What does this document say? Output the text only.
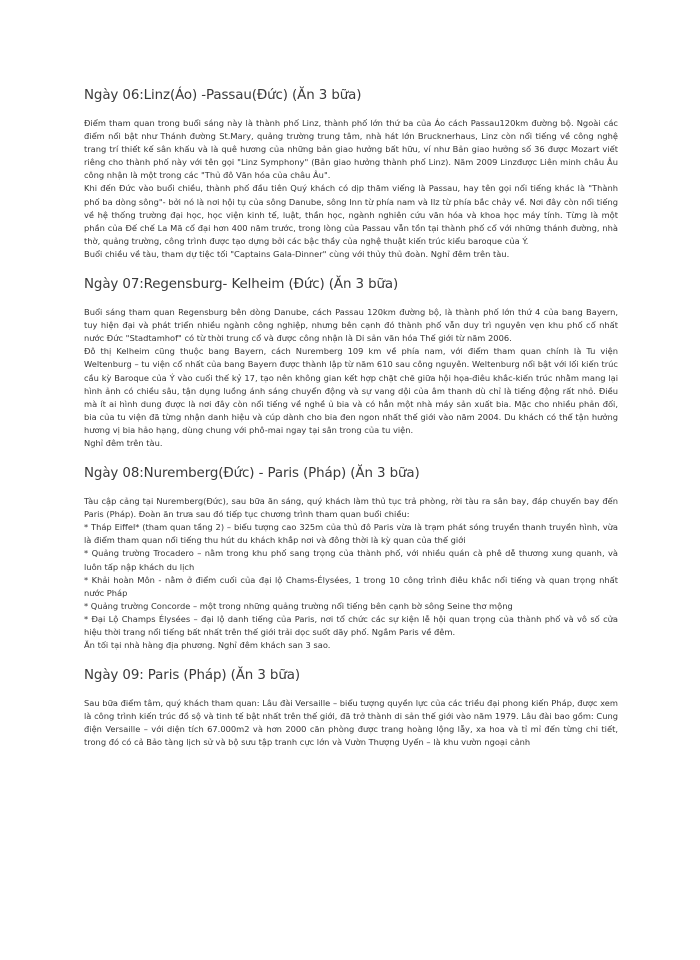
Ngày 06:Linz(Áo) -Passau(Đức) (Ăn 3 bữa)

Điểm tham quan trong buổi sáng này là thành phố Linz, thành phố lớn thứ ba của Áo cách Passau120km đường bộ. Ngoài các điểm nổi bật như Thánh đường St.Mary, quảng trường trung tâm, nhà hát lớn Brucknerhaus, Linz còn nổi tiếng về công nghệ trang trí thiết kế sân khấu và là quê hương của những bản giao hưởng bất hữu, ví như Bản giao hưởng số 36 được Mozart viết riêng cho thành phố này với tên gọi "Linz Symphony" (Bản giao hưởng thành phố Linz). Năm 2009 Linzđược Liên minh châu Âu công nhận là một trong các "Thủ đô Văn hóa của châu Âu".

Khi đến Đức vào buổi chiều, thành phố đầu tiên Quý khách có dịp thăm viếng là Passau, hay tên gọi nổi tiếng khác là "Thành phố ba dòng sông"- bởi nó là nơi hội tụ của sông Danube, sông Inn từ phía nam và Ilz từ phía bắc chảy về. Nơi đây còn nổi tiếng về hệ thống trường đại học, học viện kinh tế, luật, thần học, ngành nghiên cứu văn hóa và khoa học máy tính. Từng là một phần của Đế chế La Mã cổ đại hơn 400 năm trước, trong lòng của Passau vẫn tồn tại thành phố cổ với những thánh đường, nhà thờ, quảng trường, công trình được tạo dựng bởi các bậc thầy của nghệ thuật kiến trúc kiểu baroque của Ý.

Buổi chiều về tàu, tham dự tiệc tối "Captains Gala-Dinner" cùng với thủy thủ đoàn. Nghỉ đêm trên tàu.

Ngày 07:Regensburg- Kelheim (Đức) (Ăn 3 bữa)

Buổi sáng tham quan Regensburg bên dòng Danube, cách Passau 120km đường bộ, là thành phố lớn thứ 4 của bang Bayern, tuy hiện đại và phát triển nhiều ngành công nghiệp, nhưng bên cạnh đó thành phố vẫn duy trì nguyên vẹn khu phố cổ nhất nước Đức "Stadtamhof" có từ thời trung cổ và được công nhận là Di sản văn hóa Thế giới từ năm 2006.

Đô thị Kelheim cũng thuộc bang Bayern, cách Nuremberg 109 km về phía nam, với điểm tham quan chính là Tu viện Weltenburg – tu viện cổ nhất của bang Bayern được thành lập từ năm 610 sau công nguyên. Weltenburg nổi bật với lối kiến trúc cầu kỳ Baroque của Ý vào cuối thế kỷ 17, tạo nên không gian kết hợp chặt chẽ giữa hội họa-điêu khắc-kiến trúc nhằm mang lại hình ảnh có chiều sâu, tận dụng luồng ánh sáng chuyển động và sự vang dội của âm thanh dù chỉ là tiếng động rất nhỏ. Điều mà ít ai hình dung được là nơi đây còn nổi tiếng về nghề ủ bia và có hẳn một nhà máy sản xuất bia. Mặc cho nhiều phản đối, bia của tu viện đã từng nhận danh hiệu và cúp dành cho bia đen ngon nhất thế giới vào năm 2004. Du khách có thể tận hưởng hương vị bia hảo hạng, dùng chung với phô-mai ngay tại sân trong của tu viện.

Nghỉ đêm trên tàu.

Ngày 08:Nuremberg(Đức) - Paris (Pháp) (Ăn 3 bữa)

Tàu cập cảng tại Nuremberg(Đức), sau bữa ăn sáng, quý khách làm thủ tục trả phòng, rời tàu ra sân bay, đáp chuyến bay đến Paris (Pháp). Đoàn ăn trưa sau đó tiếp tục chương trình tham quan buổi chiều:

* Tháp Eiffel* (tham quan tầng 2) – biểu tượng cao 325m của thủ đô Paris vừa là trạm phát sóng truyền thanh truyền hình, vừa là điểm tham quan nổi tiếng thu hút du khách khắp nơi và đông thời là kỳ quan của thế giới

* Quảng trường Trocadero – nằm trong khu phố sang trọng của thành phố, với nhiều quán cà phê dễ thương xung quanh, và luôn tấp nập khách du lịch

* Khải hoàn Môn - nằm ở điểm cuối của đại lộ Chams-Élysées, 1 trong 10 công trình điêu khắc nổi tiếng và quan trọng nhất nước Pháp

* Quảng trường Concorde – một trong những quảng trường nổi tiếng bên cạnh bờ sông Seine thơ mộng

* Đại Lộ Champs Élysées – đại lộ danh tiếng của Paris, nơi tổ chức các sự kiện lễ hội quan trọng của thành phố và vô số cửa hiệu thời trang nổi tiếng bất nhất trên thế giới trải dọc suốt dãy phố. Ngắm Paris về đêm.

Ăn tối tại nhà hàng địa phương. Nghỉ đêm khách san 3 sao.

Ngày 09: Paris (Pháp) (Ăn 3 bữa)

Sau bữa điểm tâm, quý khách tham quan: Lâu đài Versaille – biểu tượng quyền lực của các triều đại phong kiến Pháp, được xem là công trình kiến trúc đồ sộ và tinh tế bật nhất trên thế giới, đã trở thành di sản thế giới vào năm 1979. Lâu đài bao gồm: Cung điện Versaille – với diện tích 67.000m2 và hơn 2000 căn phòng được trang hoàng lộng lẫy, xa hoa và tỉ mỉ đến từng chi tiết, trong đó có cả Bảo tàng lịch sử và bộ sưu tập tranh cực lớn và Vườn Thượng Uyển – là khu vườn ngoại cảnh
